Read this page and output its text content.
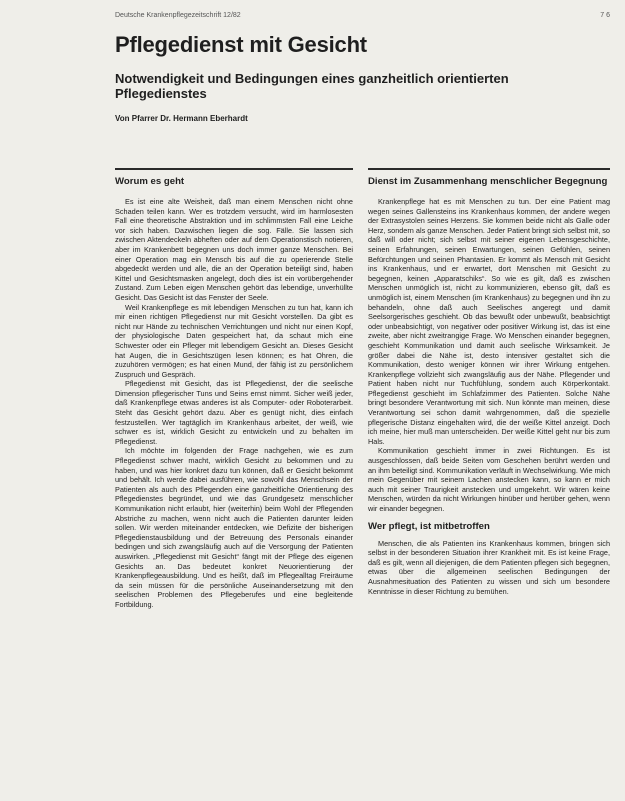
Deutsche Krankenpflegezeitschrift 12/82	7 6
Pflegedienst mit Gesicht
Notwendigkeit und Bedingungen eines ganzheitlich orientierten Pflegedienstes
Von Pfarrer Dr. Hermann Eberhardt
Worum es geht

Es ist eine alte Weisheit, daß man einem Menschen nicht ohne Schaden teilen kann. Wer es trotzdem versucht, wird im harmlosesten Fall eine theoretische Abstraktion und im schlimmsten Fall eine Leiche vor sich haben. Dazwischen liegen die sog. Fälle. Sie lassen sich zwischen Aktendeckeln abheften oder auf dem Operationstisch notieren, aber im Krankenbett begegnen uns doch immer ganze Menschen. Bei einer Operation mag ein Mensch bis auf die zu operierende Stelle abgedeckt werden und alle, die an der Operation beteiligt sind, haben Kittel und Gesichtsmasken angelegt, doch dies ist ein vorübergehender Zustand. Zum Leben eigen Menschen gehört das lebendige, unverhüllte Gesicht. Das Gesicht ist das Fenster der Seele.

Weil Krankenpflege es mit lebendigen Menschen zu tun hat, kann ich mir einen richtigen Pflegedienst nur mit Gesicht vorstellen. Da gibt es nicht nur Hände zu technischen Verrichtungen und nicht nur einen Kopf, der physiologische Daten gespeichert hat, da schaut mich eine Schwester oder ein Pfleger mit lebendigem Gesicht an. Dieses Gesicht hat Augen, die in Gesichtszügen lesen können; es hat Ohren, die zuzuhören vermögen; es hat einen Mund, der fähig ist zu persönlichem Zuspruch und Gespräch.

Pflegedienst mit Gesicht, das ist Pflegedienst, der die seelische Dimension pflegerischer Tuns und Seins ernst nimmt. Sicher weiß jeder, daß Krankenpflege etwas anderes ist als Computer- oder Roboterarbeit. Steht das Gesicht gehört dazu. Aber es genügt nicht, dies einfach festzustellen. Wer tagtäglich im Krankenhaus arbeitet, der weiß, wie schwer es ist, wirklich Gesicht zu entwickeln und zu behalten im Pflegedienst.

Ich möchte im folgenden der Frage nachgehen, wie es zum Pflegedienst schwer macht, wirklich Gesicht zu bekommen und zu haben, und was hier konkret dazu tun können, daß er Gesicht bekommt und behält. Ich werde dabei ausführen, wie sowohl das Menschsein der Patienten als auch des Pflegenden eine ganzheitliche Orientierung des Pflegedienstes begründet, und wie das Grundgesetz menschlicher Kommunikation nicht erlaubt, hier (weiterhin) beim Wohl der Pflegenden Abstriche zu machen, wenn nicht auch die Patienten darunter leiden sollen. Wir werden miteinander entdecken, wie Defizite der bisherigen Pflegedienstausbildung und der Betreuung des Personals einander bedingen und sich zwangsläufig auch auf die Versorgung der Patienten auswirken. „Pflegedienst mit Gesicht“ fängt mit der Pflege des eigenen Gesichts an. Das bedeutet konkret Neuorientierung der Krankenpflegeausbildung. Und es heißt, daß im Pflegealltag Freiräume da sein müssen für die persönliche Auseinandersetzung mit den seelischen Problemen des Pflegeberufes und eine begleitende Fortbildung.

Dienst im Zusammenhang menschlicher Begegnung

Krankenpflege hat es mit Menschen zu tun. Der eine Patient mag wegen seines Gallensteins ins Krankenhaus kommen, der andere wegen der Extrasystolen seines Herzens. Sie kommen beide nicht als Galle oder Herz, sondern als ganze Menschen. Jeder Patient bringt sich selbst mit, so daß will oder nicht; sich selbst mit seiner eigenen Lebensgeschichte, seinen Erfahrungen, seinen Erwartungen, seinen Gefühlen, seinen Befürchtungen und seinen Phantasien. Er kommt als Mensch mit Gesicht ins Krankenhaus, und er erwartet, dort Menschen mit Gesicht zu begegnen, keinen „Apparatschiks“. So wie es gilt, daß es zwischen Menschen unmöglich ist, nicht zu kommunizieren, ebenso gilt, daß es unmöglich ist, einem Menschen (im Krankenhaus) zu begegnen und ihn zu behandeln, ohne daß auch Seelisches angeregt und damit Seelsorgerisches geschieht. Ob das bewußt oder unbewußt, beabsichtigt oder unbeabsichtigt, von negativer oder positiver Wirkung ist, das ist eine zweite, aber nicht zweitrangige Frage. Wo Menschen einander begegnen, geschieht Kommunikation und damit auch seelische Wirksamkeit. Je größer dabei die Nähe ist, desto intensiver gestaltet sich die Kommunikation, desto weniger können wir ihrer Wirkung entgehen. Krankenpflege vollzieht sich zwangsläufig aus der Nähe. Pflegender und Patient haben nicht nur Tuchfühlung, sondern auch Körperkontakt. Pflegedienst geschieht im Schlafzimmer des Patienten. Solche Nähe bringt besondere Verantwortung mit sich. Nun könnte man meinen, diese Verantwortung sei schon damit wahrgenommen, daß die spezielle pflegerische Distanz eingehalten wird, die der weiße Kittel anzeigt. Doch ich meine, hier muß man unterscheiden. Der weiße Kittel geht nur bis zum Hals.

Kommunikation geschieht immer in zwei Richtungen. Es ist ausgeschlossen, daß beide Seiten vom Geschehen berührt werden und an ihm beteiligt sind. Kommunikation verläuft in Wechselwirkung. Wie mich mein Gegenüber mit seinem Lachen anstecken kann, so kann er mich auch mit seiner Traurigkeit anstecken und umgekehrt. Wir wären keine Menschen, würden da nicht Wirkungen hinüber und herüber gehen, wenn wir einander begegnen.

Wer pflegt, ist mitbetroffen

Menschen, die als Patienten ins Krankenhaus kommen, bringen sich selbst in der besonderen Situation ihrer Krankheit mit. Es ist keine Frage, daß es gilt, wenn all diejenigen, die dem Patienten pflegen sich begegnen, etwas über die allgemeinen seelischen Bedingungen der Ausnahmesituation des Patienten zu wissen und sich um besondere Kenntnisse in dieser Richtung zu bemühen.
